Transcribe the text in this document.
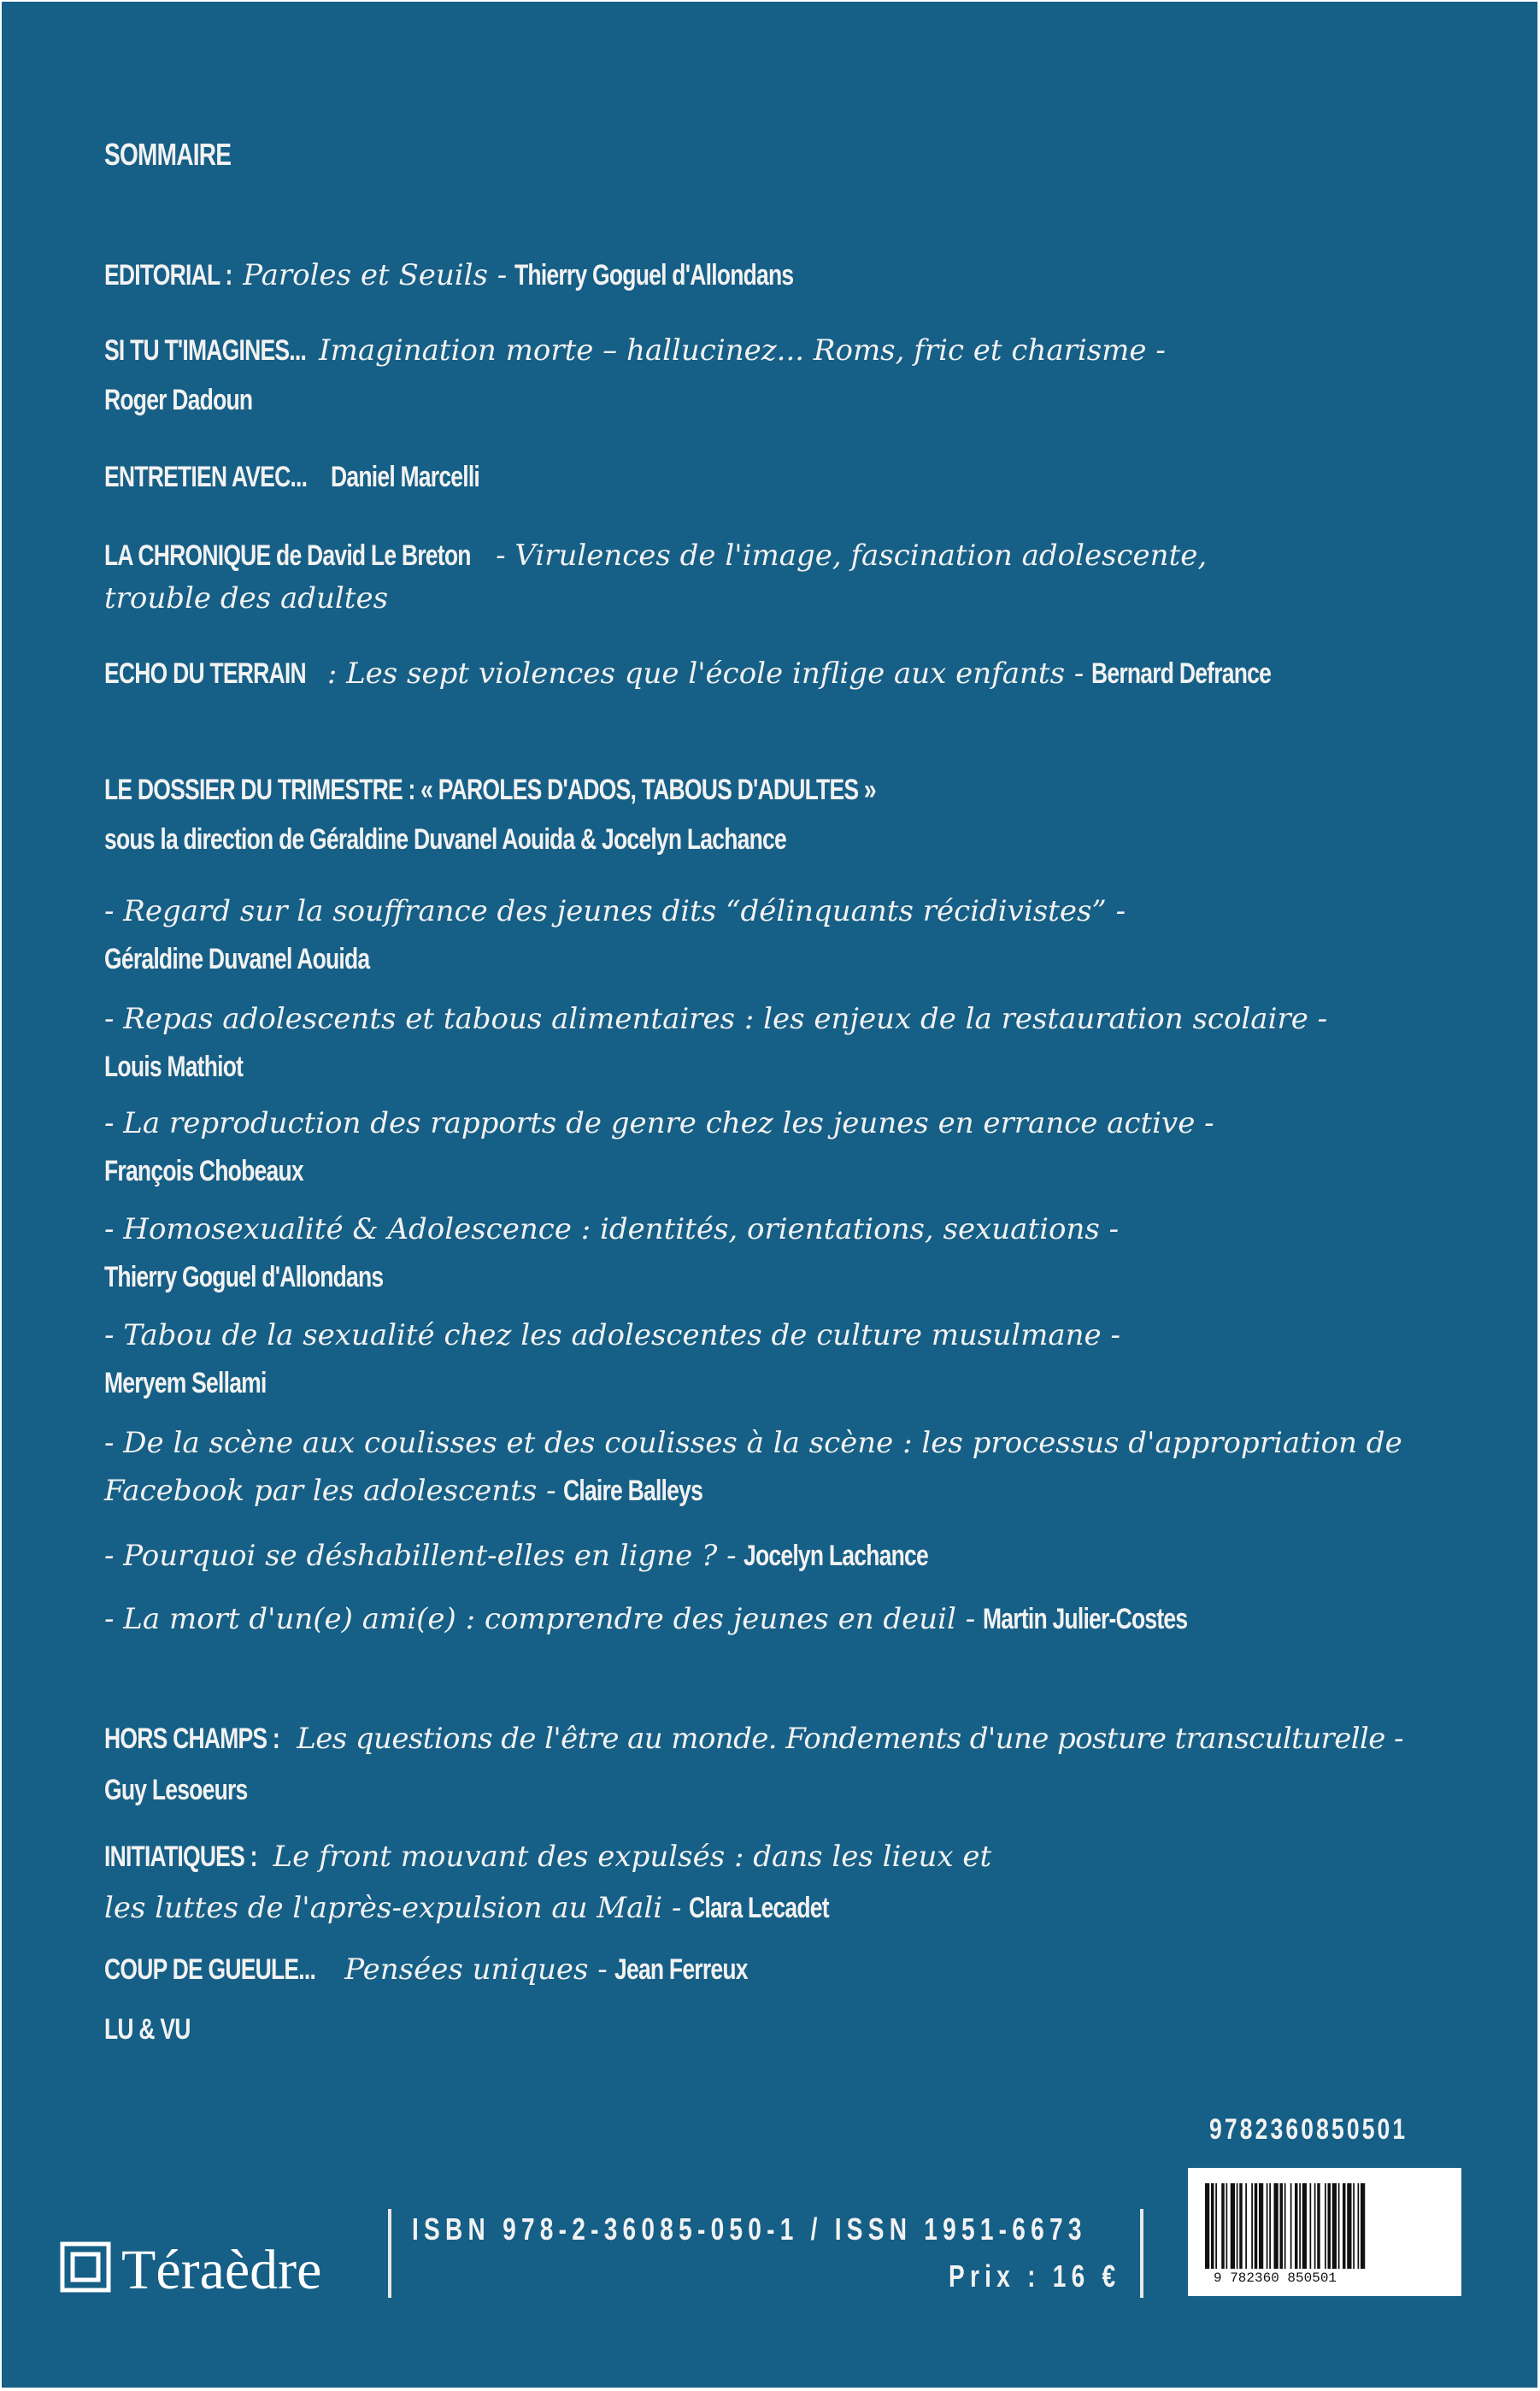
SOMMAIRE
EDITORIAL : Paroles et Seuils - Thierry Goguel d'Allondans
SI TU T'IMAGINES... Imagination morte – hallucinez... Roms, fric et charisme -
Roger Dadoun
ENTRETIEN AVEC... Daniel Marcelli
LA CHRONIQUE de David Le Breton - Virulences de l'image, fascination adolescente,
trouble des adultes
ECHO DU TERRAIN : Les sept violences que l'école inflige aux enfants - Bernard Defrance
LE DOSSIER DU TRIMESTRE : « PAROLES D'ADOS, TABOUS D'ADULTES »
sous la direction de Géraldine Duvanel Aouida & Jocelyn Lachance
- Regard sur la souffrance des jeunes dits “délinquants récidivistes” -
Géraldine Duvanel Aouida
- Repas adolescents et tabous alimentaires : les enjeux de la restauration scolaire -
Louis Mathiot
- La reproduction des rapports de genre chez les jeunes en errance active -
François Chobeaux
- Homosexualité & Adolescence : identités, orientations, sexuations -
Thierry Goguel d'Allondans
- Tabou de la sexualité chez les adolescentes de culture musulmane -
Meryem Sellami
- De la scène aux coulisses et des coulisses à la scène : les processus d'appropriation de
Facebook par les adolescents - Claire Balleys
- Pourquoi se déshabillent-elles en ligne ? - Jocelyn Lachance
- La mort d'un(e) ami(e) : comprendre des jeunes en deuil - Martin Julier-Costes
HORS CHAMPS : Les questions de l'être au monde. Fondements d'une posture transculturelle -
Guy Lesoeurs
INITIATIQUES : Le front mouvant des expulsés : dans les lieux et
les luttes de l'après-expulsion au Mali - Clara Lecadet
COUP DE GUEULE... Pensées uniques - Jean Ferreux
LU & VU
9782360850501
9 782360 850501
Téraèdre
ISBN 978-2-36085-050-1 / ISSN 1951-6673
Prix : 16 €
